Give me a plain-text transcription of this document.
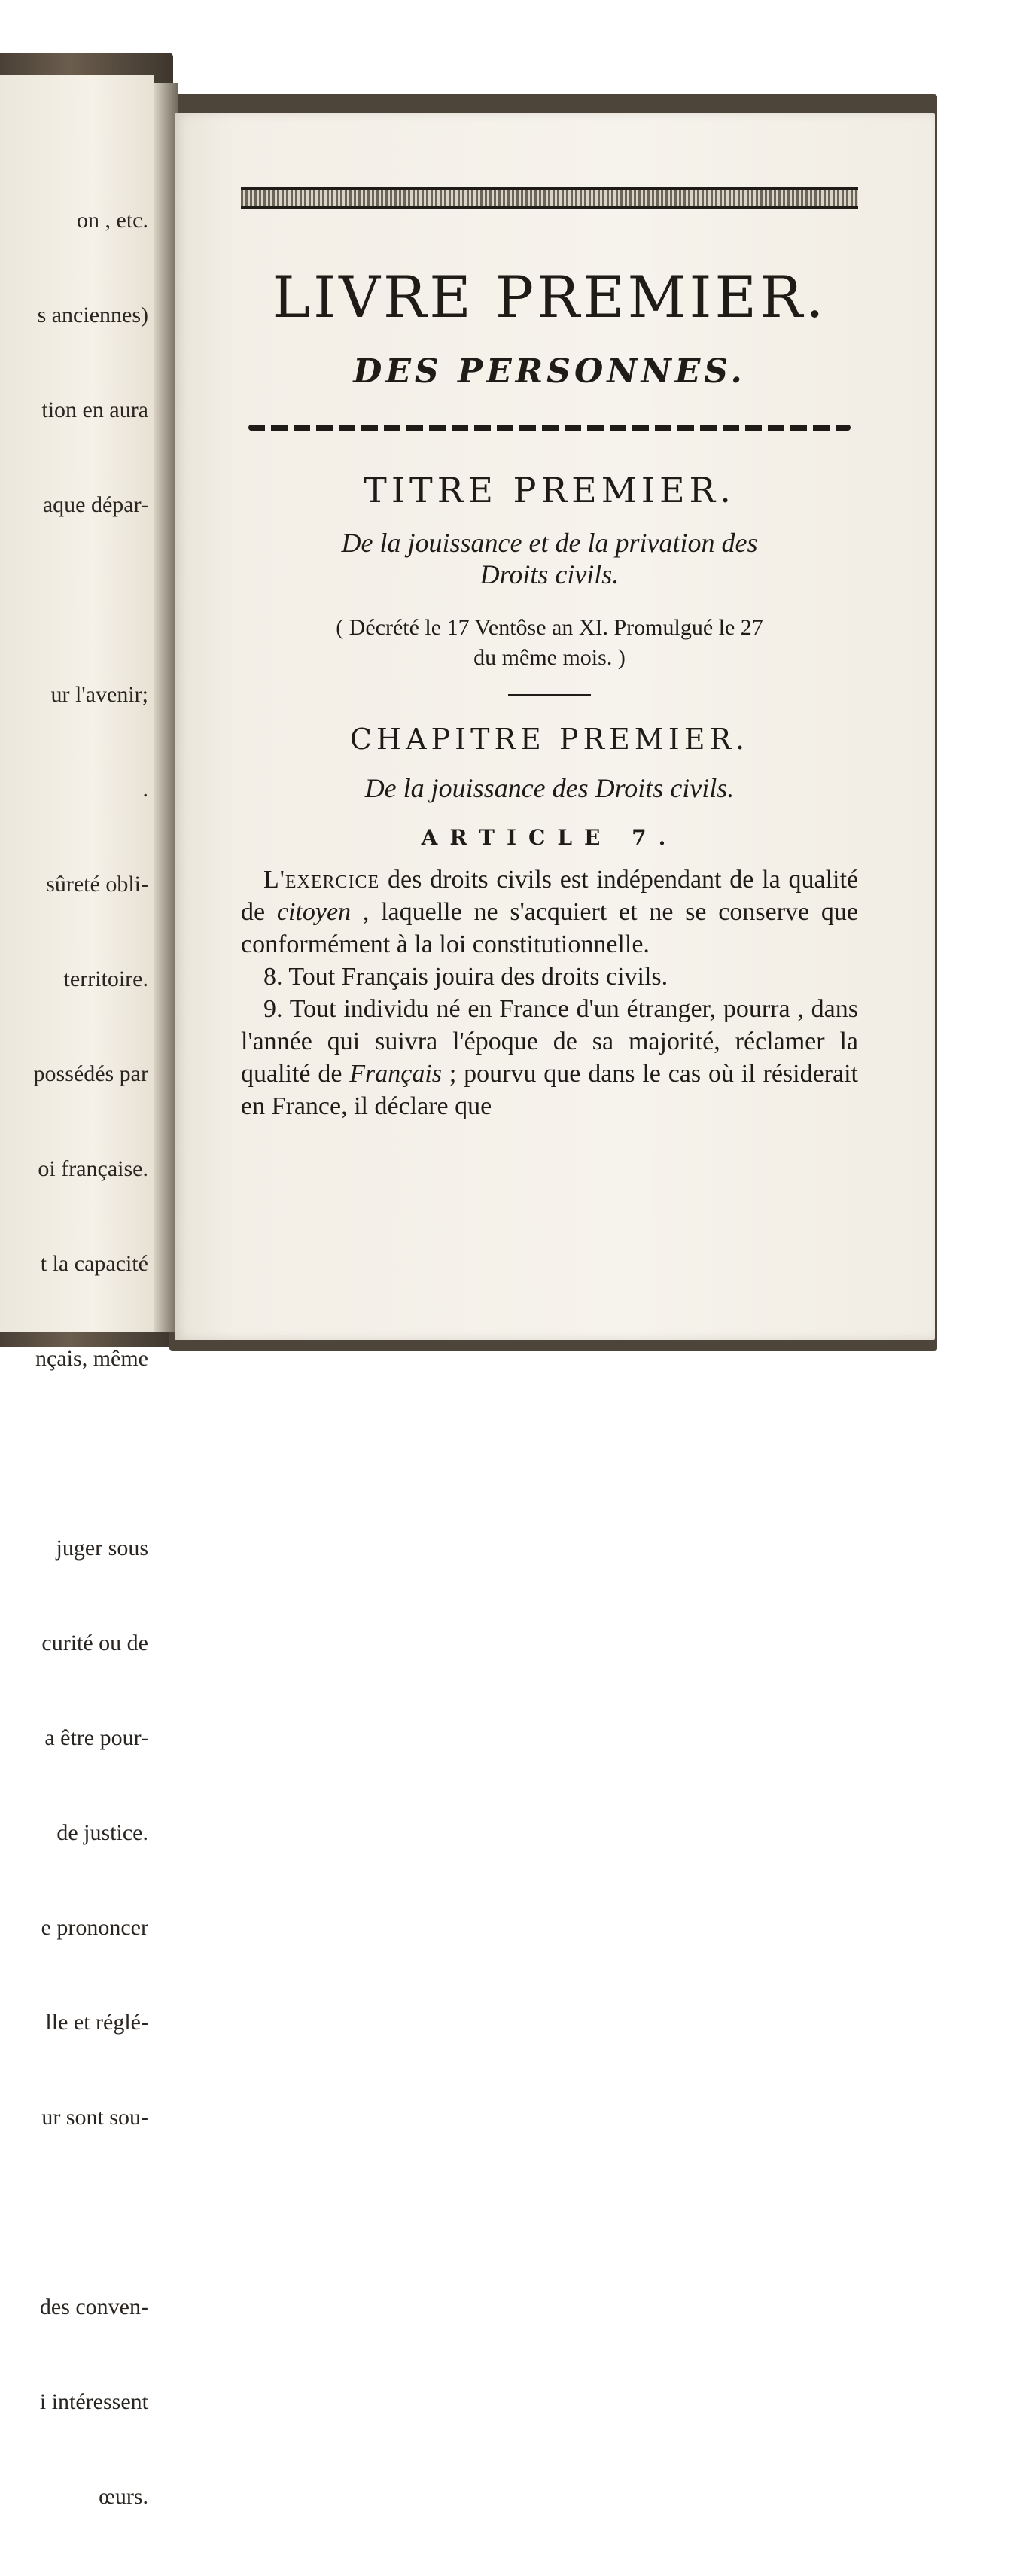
on , etc.

s anciennes)

tion en aura

aque dépar-

ur l'avenir;

.

sûreté obli-

territoire.

possédés par

oi française.

t la capacité

nçais, même

juger sous

curité ou de

a être pour-

de justice.

e prononcer

lle et réglé-

ur sont sou-

des conven-

i intéressent

œurs.

LIVRE PREMIER.
DES PERSONNES.
TITRE PREMIER.
De la jouissance et de la privation des
Droits civils.
( Décrété le 17 Ventôse an XI. Promulgué le 27
du même mois. )
CHAPITRE PREMIER.
De la jouissance des Droits civils.
ARTICLE 7.

L'exercice des droits civils est indépendant de la qualité de citoyen , laquelle ne s'acquiert et ne se conserve que conformément à la loi constitutionnelle.

8. Tout Français jouira des droits civils.

9. Tout individu né en France d'un étranger, pourra , dans l'année qui suivra l'époque de sa majorité, réclamer la qualité de Français ; pourvu que dans le cas où il résiderait en France, il déclare que
